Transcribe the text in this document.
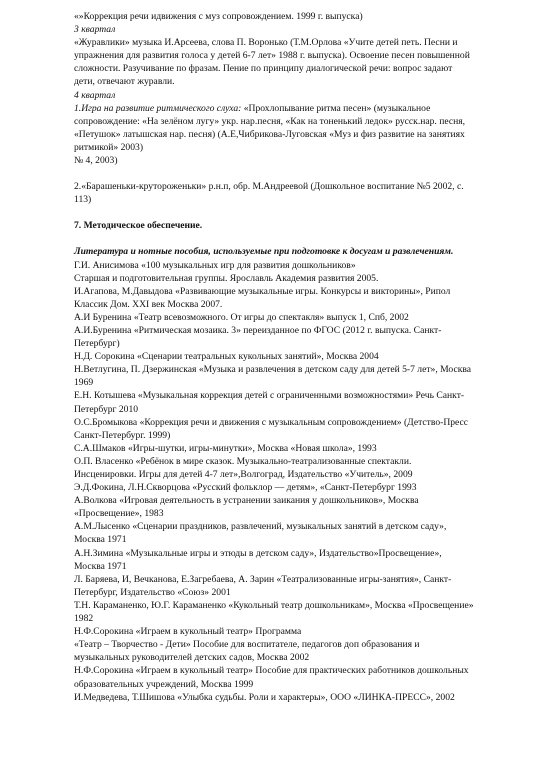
«»Коррекция речи идвижения с муз сопровождением. 1999 г. выпуска)

3 квартал

«Журавлики» музыка И.Арсеева, слова П. Воронько (Т.М.Орлова «Учите детей петь. Песни и упражнения для развития голоса у детей 6-7 лет» 1988 г. выпуска). Освоение песен повышенной сложности. Разучивание по фразам. Пение по принципу диалогической речи: вопрос задают дети, отвечают журавли.

4 квартал

1.Игра на развитие ритмического слуха: «Прохлопывание ритма песен» (музыкальное сопровождение: «На зелёном лугу» укр. нар.песня, «Как на тоненький ледок» русск.нар. песня, «Петушок» латышская нар. песня) (А.Е,Чибрикова-Луговская «Муз и физ развитие на занятиях ритмикой» 2003)

№ 4, 2003)

2.«Барашеньки-крутороженьки» р.н.п, обр. М.Андреевой (Дошкольное воспитание №5 2002, с. 113)

7. Методическое обеспечение.

Литература и нотные пособия, используемые при подготовке к досугам и развлечениям.

Г.И. Анисимова «100 музыкальных игр для развития дошкольников»

Старшая и подготовительная группы. Ярославль Академия развития 2005.

И.Агапова, М.Давыдова «Развивающие музыкальные игры. Конкурсы и викторины», Рипол Классик Дом. XXI век Москва 2007.

А.И Буренина «Театр всевозможного. От игры до спектакля» выпуск 1, Спб, 2002

А.И.Буренина «Ритмическая мозаика. 3» переизданное по ФГОС (2012 г. выпуска. Санкт-Петербург)

Н.Д. Сорокина «Сценарии театральных кукольных занятий», Москва 2004

Н.Ветлугина, П. Дзержинская «Музыка и развлечения в детском саду для детей 5-7 лет», Москва 1969

Е.Н. Котышева «Музыкальная коррекция детей с ограниченными возможностями» Речь Санкт-Петербург 2010

О.С.Бромыкова «Коррекция речи и движения с музыкальным сопровождением» (Детство-Пресс Санкт-Петербург. 1999)

С.А.Шмаков «Игры-шутки, игры-минутки», Москва «Новая школа», 1993

О.П. Власенко «Ребёнок в мире сказок. Музыкально-театрализованные спектакли. Инсценировки. Игры для детей 4-7 лет»,Волгоград, Издательство «Учитель», 2009

Э.Д.Фокина, Л.Н.Скворцова «Русский фольклор — детям», «Санкт-Петербург 1993

А.Волкова «Игровая деятельность в устранении заикания у дошкольников», Москва «Просвещение», 1983

А.М.Лысенко «Сценарии праздников, развлечений, музыкальных занятий в детском саду», Москва 1971

А.Н.Зимина «Музыкальные игры и этюды в детском саду», Издательство»Просвещение», Москва 1971

Л. Баряева, И, Вечканова, Е.Загребаева, А. Зарин «Театрализованные игры-занятия», Санкт-Петербург, Издательство «Союз» 2001

Т.Н. Караманенко, Ю.Г. Караманенко «Кукольный театр дошкольникам», Москва «Просвещение» 1982

Н.Ф.Сорокина «Играем в кукольный театр» Программа

«Театр – Творчество - Дети» Пособие для воспитателе, педагогов доп образования и музыкальных руководителей детских садов, Москва 2002

Н.Ф.Сорокина «Играем в кукольный театр» Пособие для практических работников дошкольных образовательных учреждений, Москва 1999

И.Медведева, Т.Шишова «Улыбка судьбы. Роли и характеры», ООО «ЛИНКА-ПРЕСС», 2002
